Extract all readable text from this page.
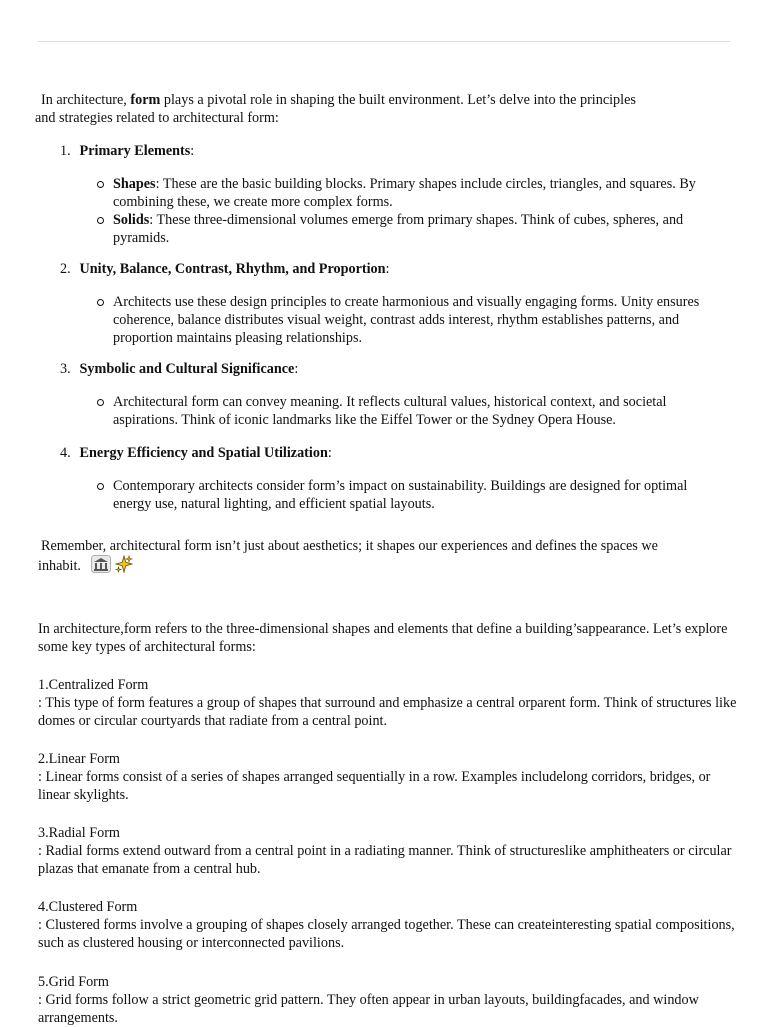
In architecture, form plays a pivotal role in shaping the built environment. Let’s delve into the principles
and strategies related to architectural form:
1. Primary Elements:
Shapes: These are the basic building blocks. Primary shapes include circles, triangles, and squares. By combining these, we create more complex forms.
Solids: These three-dimensional volumes emerge from primary shapes. Think of cubes, spheres, and pyramids.
2. Unity, Balance, Contrast, Rhythm, and Proportion:
Architects use these design principles to create harmonious and visually engaging forms. Unity ensures coherence, balance distributes visual weight, contrast adds interest, rhythm establishes patterns, and proportion maintains pleasing relationships.
3. Symbolic and Cultural Significance:
Architectural form can convey meaning. It reflects cultural values, historical context, and societal aspirations. Think of iconic landmarks like the Eiffel Tower or the Sydney Opera House.
4. Energy Efficiency and Spatial Utilization:
Contemporary architects consider form’s impact on sustainability. Buildings are designed for optimal energy use, natural lighting, and efficient spatial layouts.
Remember, architectural form isn’t just about aesthetics; it shapes our experiences and defines the spaces we
inhabit.
In architecture,form refers to the three-dimensional shapes and elements that define a building’sappearance. Let’s explore some key types of architectural forms:
1.Centralized Form
: This type of form features a group of shapes that surround and emphasize a central orparent form. Think of structures like domes or circular courtyards that radiate from a central point.
2.Linear Form
: Linear forms consist of a series of shapes arranged sequentially in a row. Examples includelong corridors, bridges, or linear skylights.
3.Radial Form
: Radial forms extend outward from a central point in a radiating manner. Think of structureslike amphitheaters or circular plazas that emanate from a central hub.
4.Clustered Form
: Clustered forms involve a grouping of shapes closely arranged together. These can createinteresting spatial compositions, such as clustered housing or interconnected pavilions.
5.Grid Form
: Grid forms follow a strict geometric grid pattern. They often appear in urban layouts, buildingfacades, and window arrangements.
